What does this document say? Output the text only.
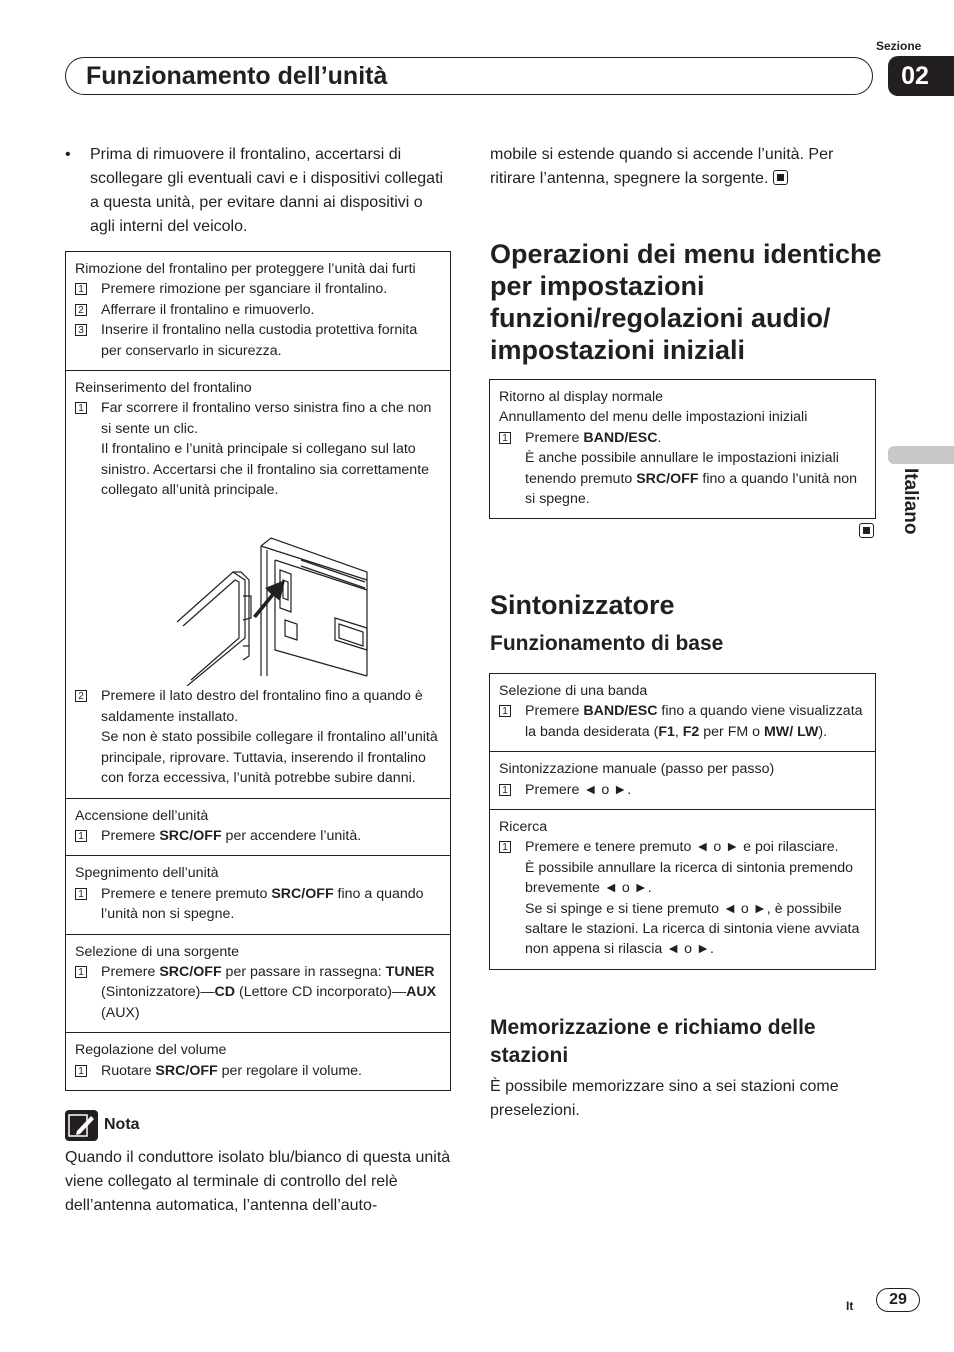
Funzionamento dell’unità
Sezione
02
Italiano
•	Prima di rimuovere il frontalino, accertarsi di scollegare gli eventuali cavi e i dispositivi collegati a questa unità, per evitare danni ai dispositivi o agli interni del veicolo.
Rimozione del frontalino per proteggere l’unità dai furti
1 Premere rimozione per sganciare il frontalino.
2 Afferrare il frontalino e rimuoverlo.
3 Inserire il frontalino nella custodia protettiva fornita per conservarlo in sicurezza.
Reinserimento del frontalino
1 Far scorrere il frontalino verso sinistra fino a che non si sente un clic.
Il frontalino e l’unità principale si collegano sul lato sinistro. Accertarsi che il frontalino sia correttamente collegato all’unità principale.
2 Premere il lato destro del frontalino fino a quando è saldamente installato.
Se non è stato possibile collegare il frontalino all’unità principale, riprovare. Tuttavia, inserendo il frontalino con forza eccessiva, l’unità potrebbe subire danni.
Accensione dell’unità
1 Premere SRC/OFF per accendere l’unità.
Spegnimento dell’unità
1 Premere e tenere premuto SRC/OFF fino a quando l’unità non si spegne.
Selezione di una sorgente
1 Premere SRC/OFF per passare in rassegna: TUNER (Sintonizzatore)—CD (Lettore CD incorporato)—AUX (AUX)
Regolazione del volume
1 Ruotare SRC/OFF per regolare il volume.
Nota
Quando il conduttore isolato blu/bianco di questa unità viene collegato al terminale di controllo del relè dell’antenna automatica, l’antenna dell’auto-
mobile si estende quando si accende l’unità. Per ritirare l’antenna, spegnere la sorgente.
Operazioni dei menu identiche per impostazioni funzioni/regolazioni audio/ impostazioni iniziali
Ritorno al display normale
Annullamento del menu delle impostazioni iniziali
1 Premere BAND/ESC.
È anche possibile annullare le impostazioni iniziali tenendo premuto SRC/OFF fino a quando l’unità non si spegne.
Sintonizzatore
Funzionamento di base
Selezione di una banda
1 Premere BAND/ESC fino a quando viene visualizzata la banda desiderata (F1, F2 per FM o MW/ LW).
Sintonizzazione manuale (passo per passo)
1 Premere ◄ o ►.
Ricerca
1 Premere e tenere premuto ◄ o ► e poi rilasciare.
È possibile annullare la ricerca di sintonia premendo brevemente ◄ o ►.
Se si spinge e si tiene premuto ◄ o ►, è possibile saltare le stazioni. La ricerca di sintonia viene avviata non appena si rilascia ◄ o ►.
Memorizzazione e richiamo delle stazioni
È possibile memorizzare sino a sei stazioni come preselezioni.
It	29
